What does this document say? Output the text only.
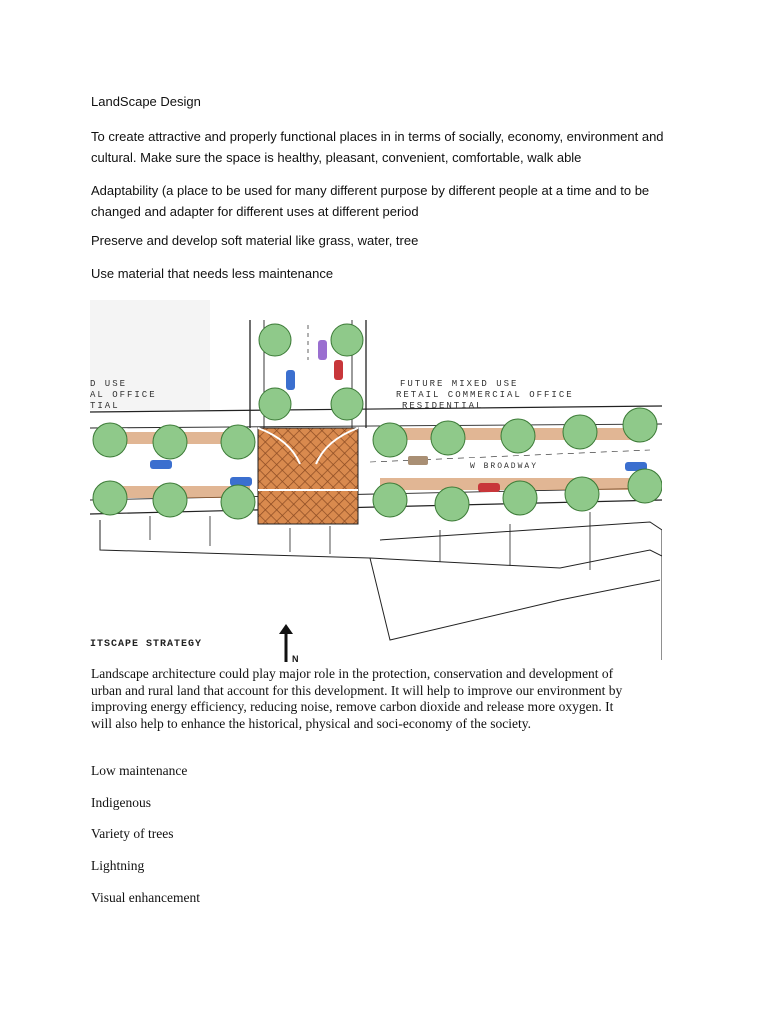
LandScape Design
To create attractive and properly functional places in in terms of socially, economy, environment and cultural. Make sure the space is healthy, pleasant, convenient, comfortable, walk able
Adaptability (a place to be used for many different purpose by different people at a time and to be changed and adapter for different uses at different period
Preserve and develop soft material like grass, water, tree
Use material that needs less maintenance
D USE AL OFFICE TIAL
FUTURE MIXED USE RETAIL COMMERCIAL OFFICE RESIDENTIAL
W BROADWAY
ITSCAPE STRATEGY
N
Landscape architecture could play major role in the protection, conservation and development of urban and rural land that account for this development. It will help to improve our environment by improving energy efficiency, reducing noise, remove carbon dioxide and release more oxygen. It will also help to enhance the historical, physical and soci-economy of the society.
Low maintenance
Indigenous
Variety of trees
Lightning
Visual enhancement
